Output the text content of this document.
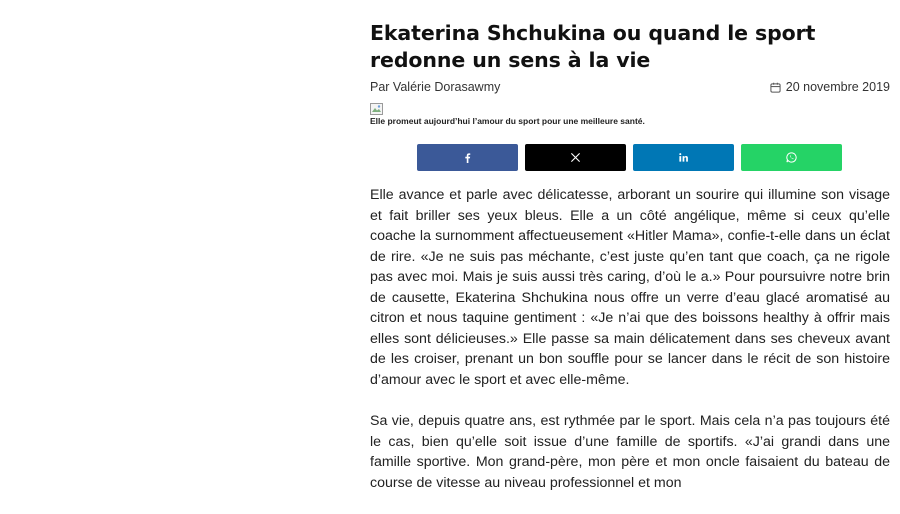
Ekaterina Shchukina ou quand le sport redonne un sens à la vie
Par Valérie Dorasawmy	20 novembre 2019
Elle promeut aujourd’hui l’amour du sport pour une meilleure santé.

Elle avance et parle avec délicatesse, arborant un sourire qui illumine son visage et fait briller ses yeux bleus. Elle a un côté angélique, même si ceux qu’elle coache la surnomment affectueusement «Hitler Mama», confie-t-elle dans un éclat de rire. «Je ne suis pas méchante, c’est juste qu’en tant que coach, ça ne rigole pas avec moi. Mais je suis aussi très caring, d’où le a.» Pour poursuivre notre brin de causette, Ekaterina Shchukina nous offre un verre d’eau glacé aromatisé au citron et nous taquine gentiment : «Je n’ai que des boissons healthy à offrir mais elles sont délicieuses.» Elle passe sa main délicatement dans ses cheveux avant de les croiser, prenant un bon souffle pour se lancer dans le récit de son histoire d’amour avec le sport et avec elle-même.

Sa vie, depuis quatre ans, est rythmée par le sport. Mais cela n’a pas toujours été le cas, bien qu’elle soit issue d’une famille de sportifs. «J’ai grandi dans une famille sportive. Mon grand-père, mon père et mon oncle faisaient du bateau de course de vitesse au niveau professionnel et mon
